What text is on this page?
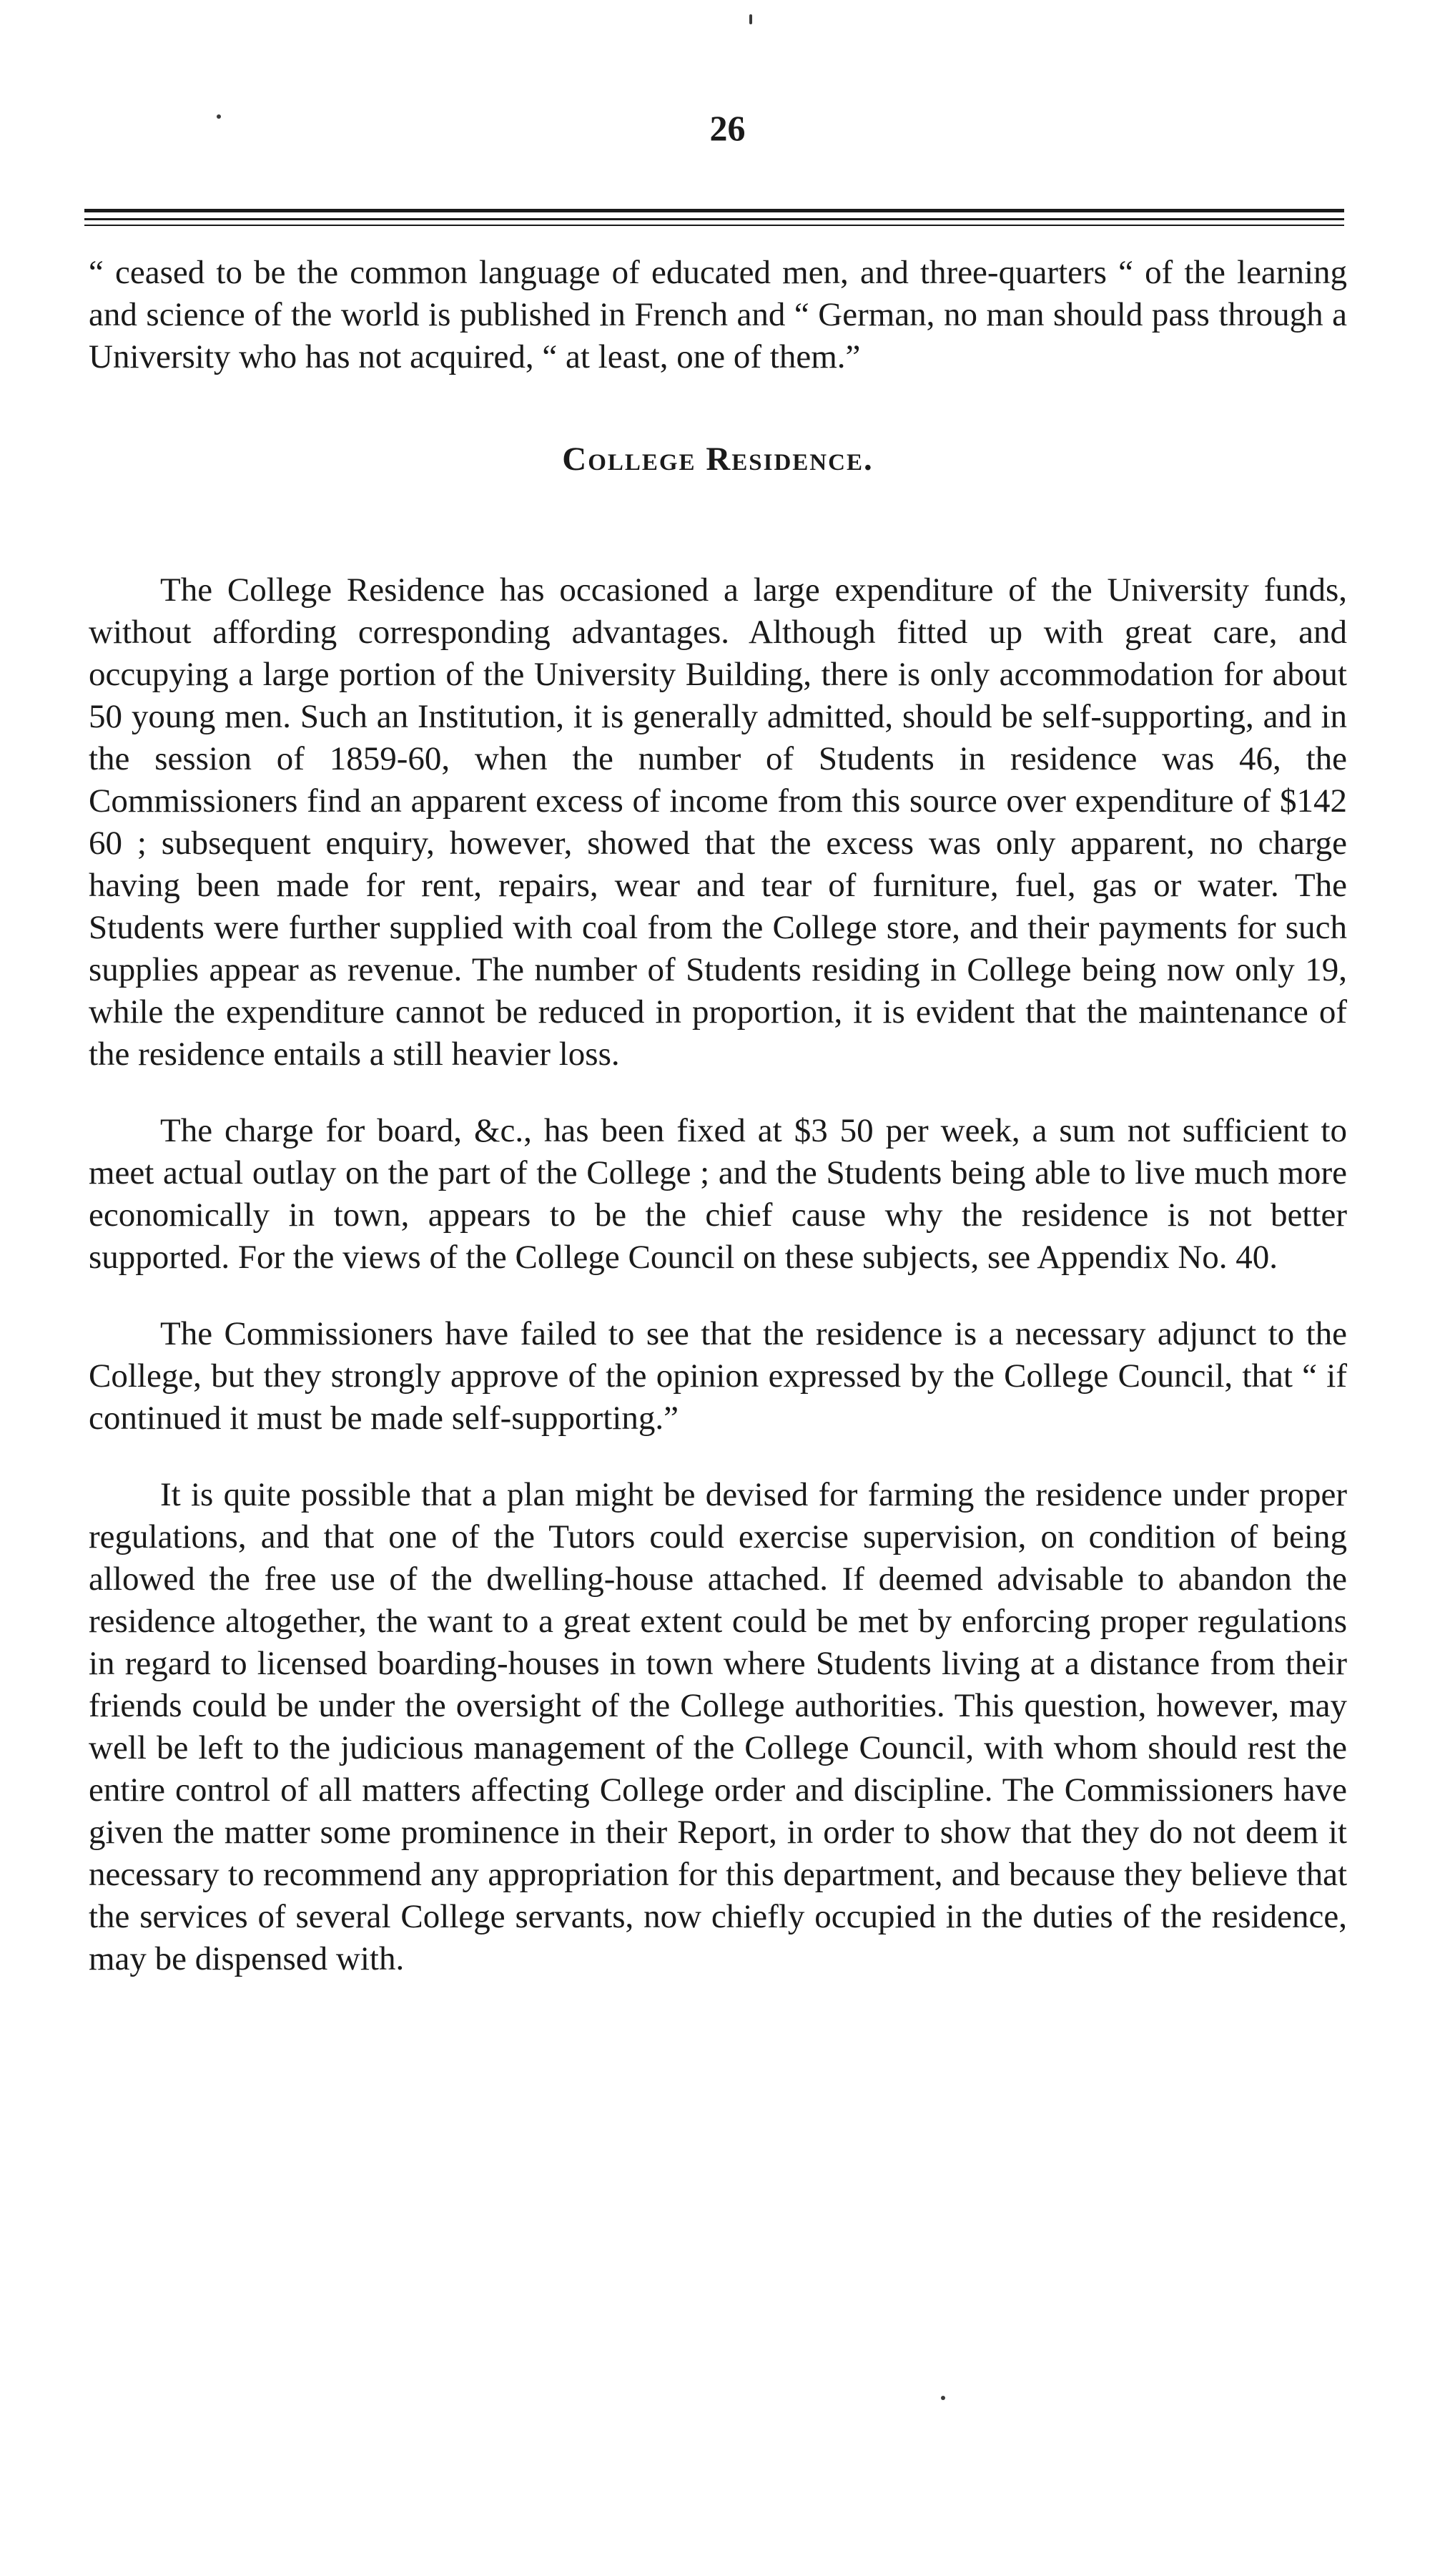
26

“ ceased to be the common language of educated men, and three-quarters “ of the learning and science of the world is published in French and “ German, no man should pass through a University who has not acquired, “ at least, one of them.”

College Residence.

The College Residence has occasioned a large expenditure of the University funds, without affording corresponding advantages. Although fitted up with great care, and occupying a large portion of the University Building, there is only accommodation for about 50 young men. Such an Institution, it is generally admitted, should be self-supporting, and in the session of 1859-60, when the number of Students in residence was 46, the Commissioners find an apparent excess of income from this source over expenditure of $142 60 ; subsequent enquiry, however, showed that the excess was only apparent, no charge having been made for rent, repairs, wear and tear of furniture, fuel, gas or water. The Students were further supplied with coal from the College store, and their payments for such supplies appear as revenue. The number of Students residing in College being now only 19, while the expenditure cannot be reduced in proportion, it is evident that the maintenance of the residence entails a still heavier loss.

The charge for board, &c., has been fixed at $3 50 per week, a sum not sufficient to meet actual outlay on the part of the College ; and the Students being able to live much more economically in town, appears to be the chief cause why the residence is not better supported. For the views of the College Council on these subjects, see Appendix No. 40.

The Commissioners have failed to see that the residence is a necessary adjunct to the College, but they strongly approve of the opinion expressed by the College Council, that “ if continued it must be made self-supporting.”

It is quite possible that a plan might be devised for farming the residence under proper regulations, and that one of the Tutors could exercise supervision, on condition of being allowed the free use of the dwelling-house attached. If deemed advisable to abandon the residence altogether, the want to a great extent could be met by enforcing proper regulations in regard to licensed boarding-houses in town where Students living at a distance from their friends could be under the oversight of the College authorities. This question, however, may well be left to the judicious management of the College Council, with whom should rest the entire control of all matters affecting College order and discipline. The Commissioners have given the matter some prominence in their Report, in order to show that they do not deem it necessary to recommend any appropriation for this department, and because they believe that the services of several College servants, now chiefly occupied in the duties of the residence, may be dispensed with.
